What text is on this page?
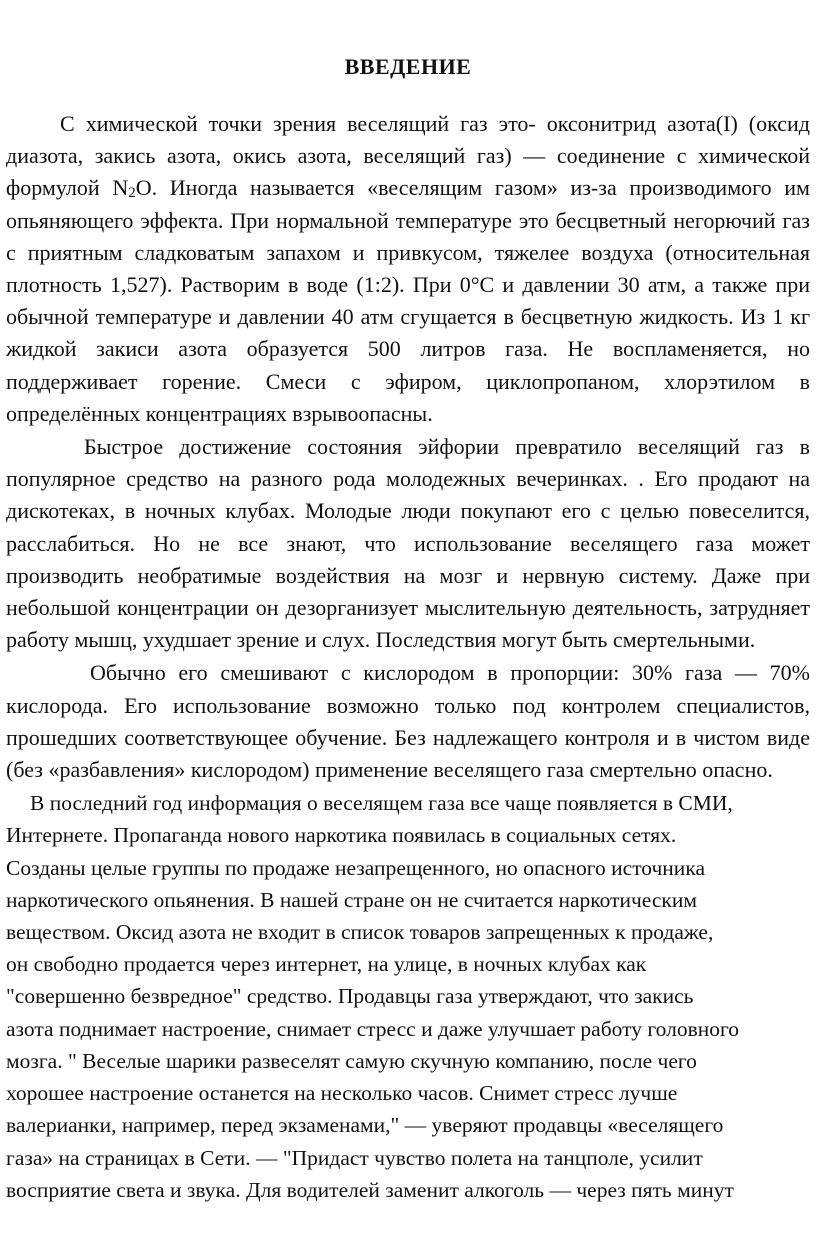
ВВЕДЕНИЕ

С химической точки зрения веселящий газ это- оксонитрид азота(I) (оксид диазота, закись азота, окись азота, веселящий газ) — соединение с химической формулой $N_2O$. Иногда называется «веселящим газом» из-за производимого им опьяняющего эффекта. При нормальной температуре это бесцветный негорючий газ с приятным сладковатым запахом и привкусом, тяжелее воздуха (относительная плотность 1,527). Растворим в воде (1:2). При 0°C и давлении 30 атм, а также при обычной температуре и давлении 40 атм сгущается в бесцветную жидкость. Из 1 кг жидкой закиси азота образуется 500 литров газа. Не воспламеняется, но поддерживает горение. Смеси с эфиром, циклопропаном, хлорэтилом в определённых концентрациях взрывоопасны.

Быстрое достижение состояния эйфории превратило веселящий газ в популярное средство на разного рода молодежных вечеринках. . Его продают на дискотеках, в ночных клубах. Молодые люди покупают его с целью повеселится, расслабиться. Но не все знают, что использование веселящего газа может производить необратимые воздействия на мозг и нервную систему. Даже при небольшой концентрации он дезорганизует мыслительную деятельность, затрудняет работу мышц, ухудшает зрение и слух. Последствия могут быть смертельными.

Обычно его смешивают с кислородом в пропорции: 30% газа — 70% кислорода. Его использование возможно только под контролем специалистов, прошедших соответствующее обучение. Без надлежащего контроля и в чистом виде (без «разбавления» кислородом) применение веселящего газа смертельно опасно.

В последний год информация о веселящем газа все чаще появляется в СМИ,
Интернете. Пропаганда нового наркотика появилась в социальных сетях.
Созданы целые группы по продаже незапрещенного, но опасного источника
наркотического опьянения. В нашей стране он не считается наркотическим
веществом. Оксид азота не входит в список товаров запрещенных к продаже,
он свободно продается через интернет, на улице, в ночных клубах как
"совершенно безвредное" средство. Продавцы газа утверждают, что закись
азота поднимает настроение, снимает стресс и даже улучшает работу головного
мозга. " Веселые шарики развеселят самую скучную компанию, после чего
хорошее настроение останется на несколько часов. Снимет стресс лучше
валерианки, например, перед экзаменами," — уверяют продавцы «веселящего
газа» на страницах в Сети. — "Придаст чувство полета на танцполе, усилит
восприятие света и звука. Для водителей заменит алкоголь — через пять минут
